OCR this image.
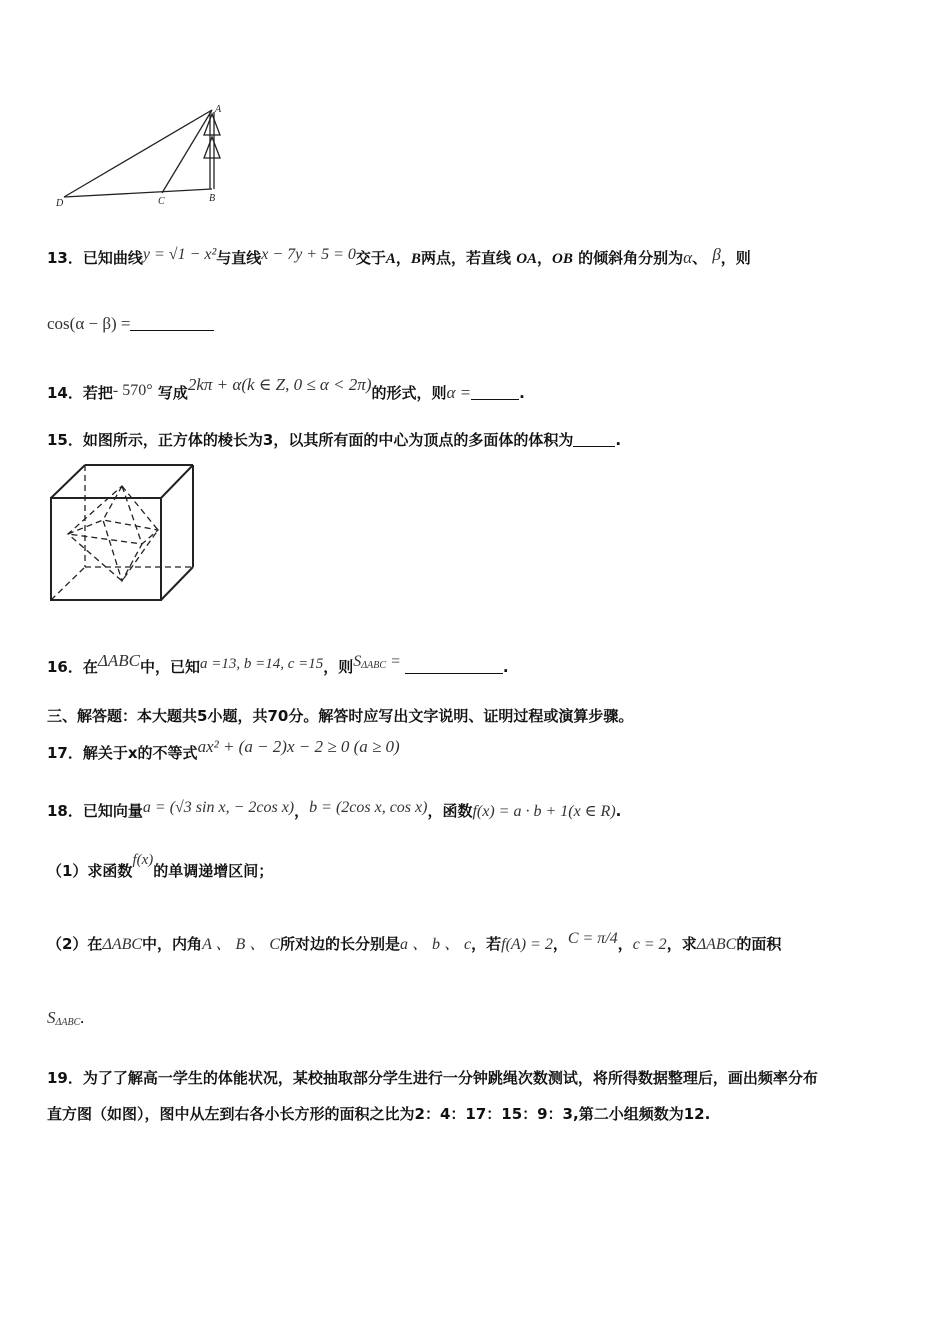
A
B
C
D
13．已知曲线y = √1 − x²与直线x − 7y + 5 = 0交于A，B两点，若直线 OA，OB 的倾斜角分别为α、 β，则
cos(α − β) =
14．若把- 570° 写成2kπ + α(k ∈ Z, 0 ≤ α < 2π)的形式，则α =	.
15．如图所示，正方体的棱长为3，以其所有面的中心为顶点的多面体的体积为	.
16．在ΔABC中，已知a =13, b =14, c =15，则$S_{\Delta ABC}$ =	.
三、解答题：本大题共5小题，共70分。解答时应写出文字说明、证明过程或演算步骤。
17．解关于x的不等式ax² + (a − 2)x − 2 ≥ 0 (a ≥ 0)
18．已知向量a = (√3 sin x, − 2cos x)，b = (2cos x, cos x)，函数f(x) = a · b + 1(x ∈ R).
（1）求函数f(x)的单调递增区间；
（2）在ΔABC中，内角A 、 B 、 C所对边的长分别是a 、 b 、 c，若f(A) = 2，C = π/4，c = 2，求ΔABC的面积
$S_{\Delta ABC}$.
19．为了了解高一学生的体能状况，某校抽取部分学生进行一分钟跳绳次数测试，将所得数据整理后，画出频率分布
直方图（如图），图中从左到右各小长方形的面积之比为2：4：17：15：9：3,第二小组频数为12.
